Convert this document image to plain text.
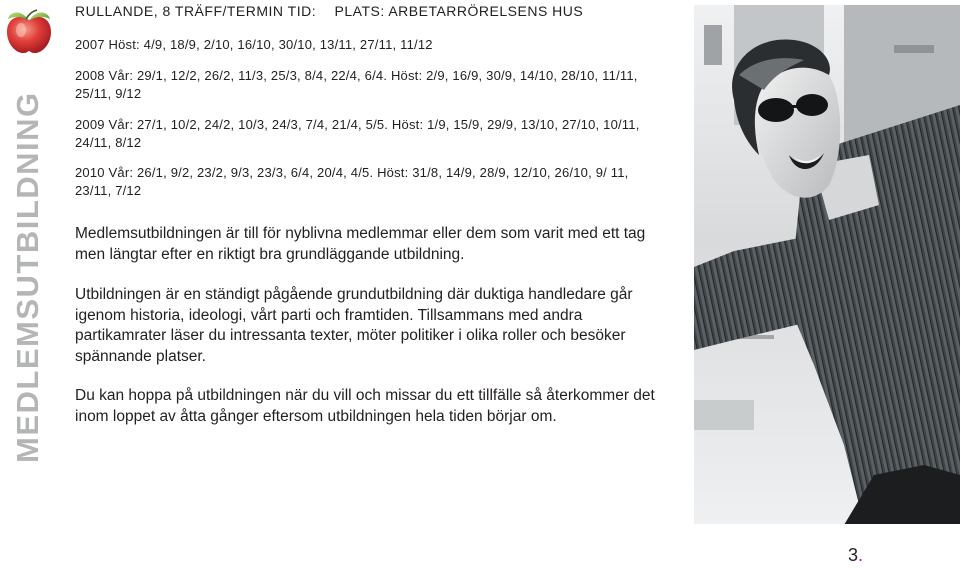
MEDLEMSUTBILDNING
RULLANDE, 8 TRÄFF/TERMIN TID: PLATS: ARBETARRÖRELSENS HUS
2007 Höst: 4/9, 18/9, 2/10, 16/10, 30/10, 13/11, 27/11, 11/12
2008 Vår: 29/1, 12/2, 26/2, 11/3, 25/3, 8/4, 22/4, 6/4. Höst: 2/9, 16/9, 30/9, 14/10, 28/10, 11/11, 25/11, 9/12
2009 Vår: 27/1, 10/2, 24/2, 10/3, 24/3, 7/4, 21/4, 5/5. Höst: 1/9, 15/9, 29/9, 13/10, 27/10, 10/11, 24/11, 8/12
2010 Vår: 26/1, 9/2, 23/2, 9/3, 23/3, 6/4, 20/4, 4/5. Höst: 31/8, 14/9, 28/9, 12/10, 26/10, 9/ 11, 23/11, 7/12
Medlemsutbildningen är till för nyblivna medlemmar eller dem som varit med ett tag men längtar efter en riktigt bra grundläggande utbildning.
Utbildningen är en ständigt pågående grundutbildning där duktiga handledare går igenom historia, ideologi, vårt parti och framtiden. Tillsammans med andra partikamrater läser du intressanta texter, möter politiker i olika roller och besöker spännande platser.
Du kan hoppa på utbildningen när du vill och missar du ett tillfälle så återkommer det inom loppet av åtta gånger eftersom utbildningen hela tiden börjar om.
3.
